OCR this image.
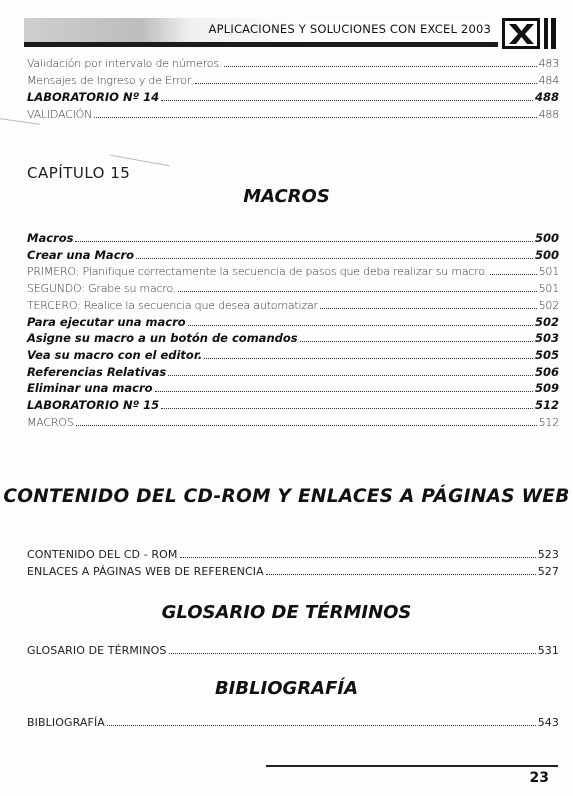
APLICACIONES Y SOLUCIONES CON EXCEL 2003
Validación por intervalo de números.	483
Mensajes de Ingreso y de Error.	484
LABORATORIO Nº 14	488
VALIDACIÓN	488
CAPÍTULO 15
MACROS
Macros	500
Crear una Macro	500
PRIMERO: Planifique correctamente la secuencia de pasos que deba realizar su macro.	501
SEGUNDO: Grabe su macro.	501
TERCERO: Realice la secuencia que desea automatizar	502
Para ejecutar una macro	502
Asigne su macro a un botón de comandos	503
Vea su macro con el editor.	505
Referencias Relativas	506
Eliminar una macro	509
LABORATORIO Nº 15	512
MACROS	512
CONTENIDO DEL CD-ROM Y ENLACES A PÁGINAS WEB
CONTENIDO DEL CD - ROM	523
ENLACES A PÁGINAS WEB DE REFERENCIA	527
GLOSARIO DE TÉRMINOS
GLOSARIO DE TÉRMINOS	531
BIBLIOGRAFÍA
BIBLIOGRAFÍA	543
23
